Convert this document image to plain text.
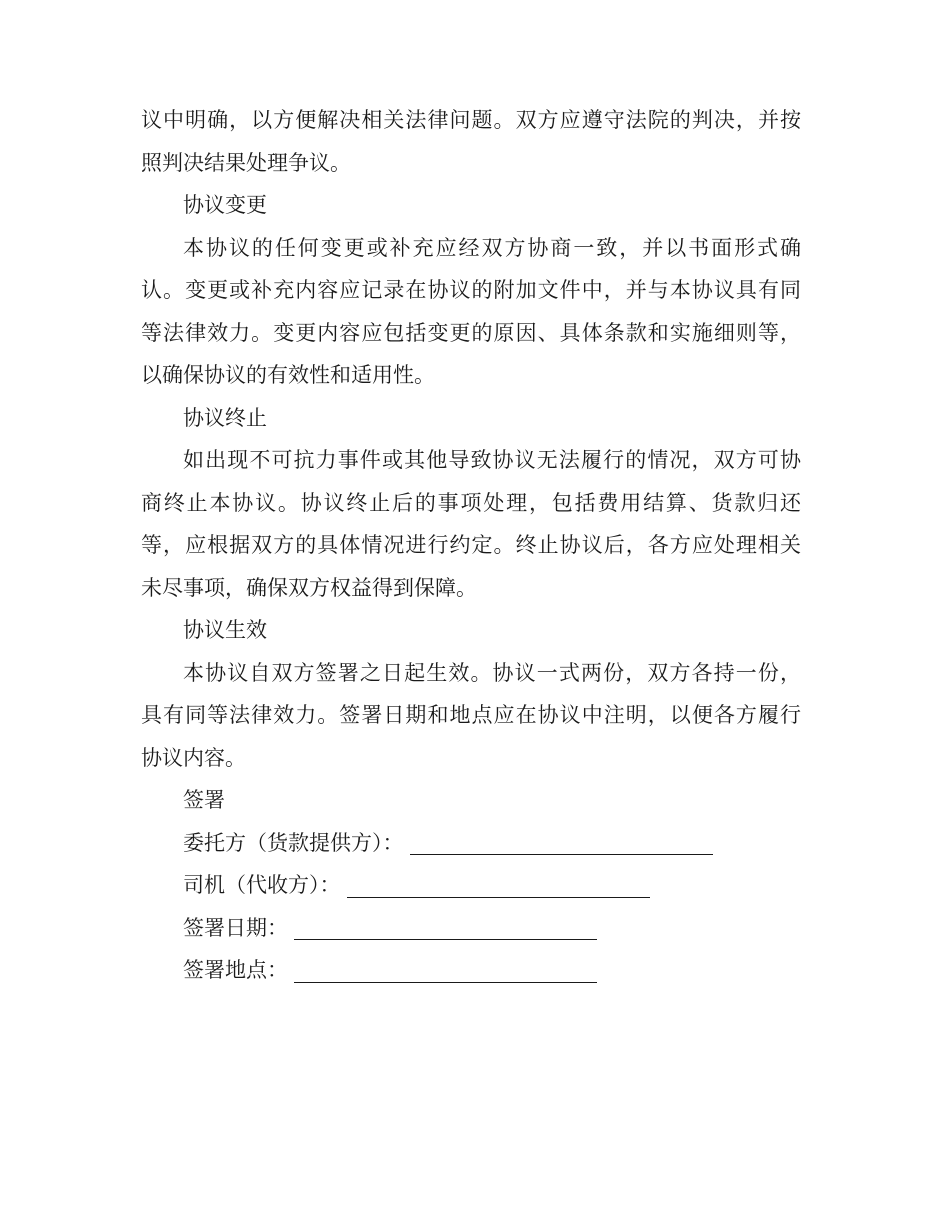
议中明确，以方便解决相关法律问题。双方应遵守法院的判决，并按
照判决结果处理争议。
协议变更
本协议的任何变更或补充应经双方协商一致，并以书面形式确
认。变更或补充内容应记录在协议的附加文件中，并与本协议具有同
等法律效力。变更内容应包括变更的原因、具体条款和实施细则等，
以确保协议的有效性和适用性。
协议终止
如出现不可抗力事件或其他导致协议无法履行的情况，双方可协
商终止本协议。协议终止后的事项处理，包括费用结算、货款归还
等，应根据双方的具体情况进行约定。终止协议后，各方应处理相关
未尽事项，确保双方权益得到保障。
协议生效
本协议自双方签署之日起生效。协议一式两份，双方各持一份，
具有同等法律效力。签署日期和地点应在协议中注明，以便各方履行
协议内容。
签署
委托方（货款提供方）：
司机（代收方）：
签署日期：
签署地点：
